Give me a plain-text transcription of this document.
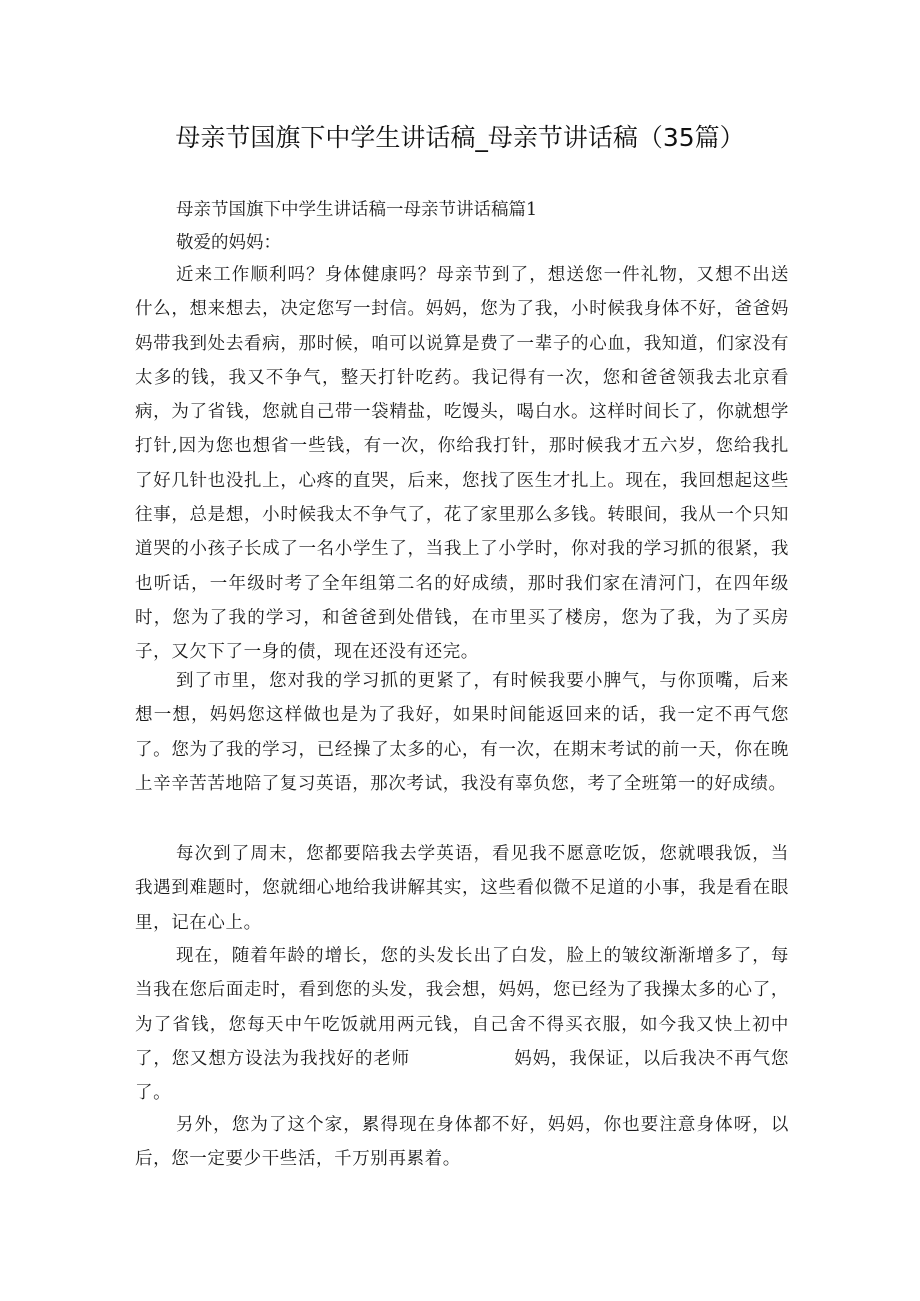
母亲节国旗下中学生讲话稿_母亲节讲话稿（35篇）
母亲节国旗下中学生讲话稿一母亲节讲话稿篇1
敬爱的妈妈：
近来工作顺利吗？身体健康吗？母亲节到了，想送您一件礼物，又想不出送什么，想来想去，决定您写一封信。妈妈，您为了我，小时候我身体不好，爸爸妈妈带我到处去看病，那时候，咱可以说算是费了一辈子的心血，我知道，们家没有太多的钱，我又不争气，整天打针吃药。我记得有一次，您和爸爸领我去北京看病，为了省钱，您就自己带一袋精盐，吃馒头，喝白水。这样时间长了，你就想学打针,因为您也想省一些钱，有一次，你给我打针，那时候我才五六岁，您给我扎了好几针也没扎上，心疼的直哭，后来，您找了医生才扎上。现在，我回想起这些往事，总是想，小时候我太不争气了，花了家里那么多钱。转眼间，我从一个只知道哭的小孩子长成了一名小学生了，当我上了小学时，你对我的学习抓的很紧，我也听话，一年级时考了全年组第二名的好成绩，那时我们家在清河门，在四年级时，您为了我的学习，和爸爸到处借钱，在市里买了楼房，您为了我，为了买房子，又欠下了一身的债，现在还没有还完。
到了市里，您对我的学习抓的更紧了，有时候我要小脾气，与你顶嘴，后来想一想，妈妈您这样做也是为了我好，如果时间能返回来的话，我一定不再气您了。您为了我的学习，已经操了太多的心，有一次，在期末考试的前一天，你在晚上辛辛苦苦地陪了复习英语，那次考试，我没有辜负您，考了全班第一的好成绩。
每次到了周末，您都要陪我去学英语，看见我不愿意吃饭，您就喂我饭，当我遇到难题时，您就细心地给我讲解其实，这些看似微不足道的小事，我是看在眼里，记在心上。
现在，随着年龄的增长，您的头发长出了白发，脸上的皱纹渐渐增多了，每当我在您后面走时，看到您的头发，我会想，妈妈，您已经为了我操太多的心了，为了省钱，您每天中午吃饭就用两元钱，自己舍不得买衣服，如今我又快上初中了，您又想方设法为我找好的老师	妈妈，我保证，以后我决不再气您了。
另外，您为了这个家，累得现在身体都不好，妈妈，你也要注意身体呀，以后，您一定要少干些活，千万别再累着。
